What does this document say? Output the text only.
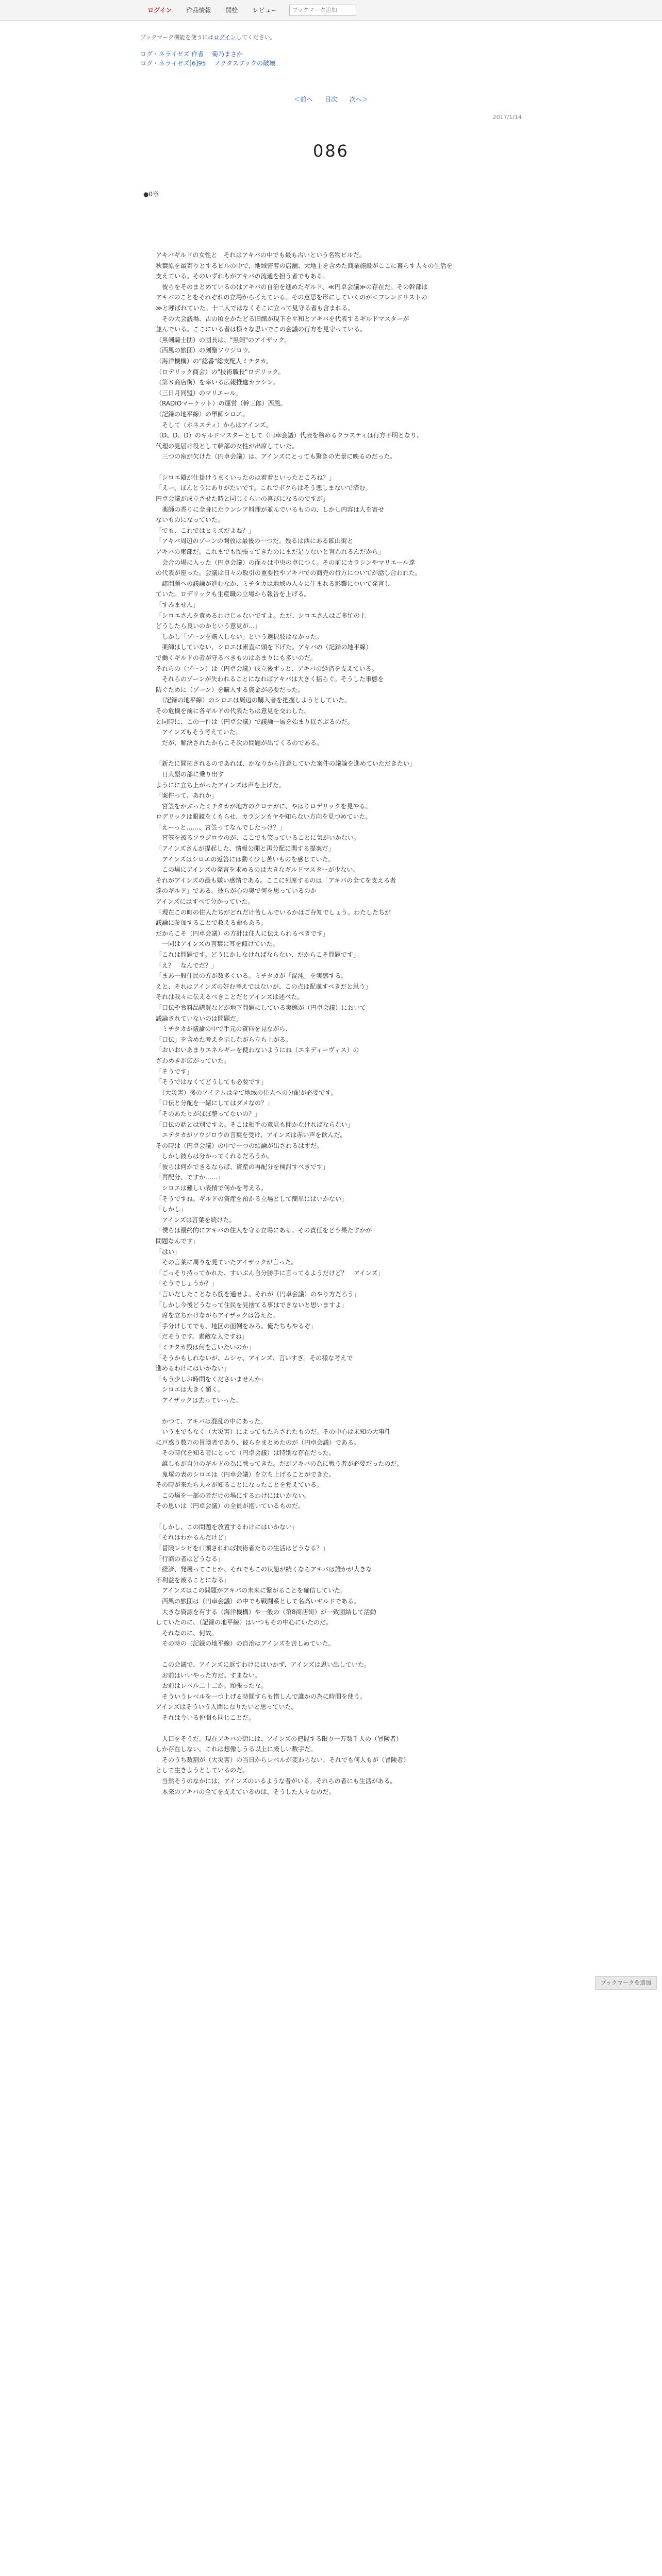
ログイン	作品情報	開栓	レビュー
ブックマーク追加
ブックマーク機能を使うにはログインしてください。
ログ・ネライゼズ 作者 菊乃まさか
ログ・ネライゼズ[6]95 ノクタスブックの破壊
＜前へ 目次 次へ＞
2017/1/14
086
●0章

アキバギルドの女性と　それはアキバの中でも最も古いという名物ビルだ。

秋葉原を最寄りとするビルの中で、地域密着の店舗、大地主を含めた商業施設がここに暮らす人々の生活を

支えている。そのいずれもがアキバの流通を担う者でもある。

　彼らをそのまとめているのはアキバの自治を進めたギルド、≪円卓会議≫の存在だ。その幹部は

アキバのことをそれぞれの立場から考えている。その意思を形にしていくのが＜フレンドリストの

≫と呼ばれていた。十二人ではなくそこに立って見守る者も含まれる。

　その大会議場、古の頃をかたどる旧館が現下を平和とアキバを代表するギルドマスターが

並んでいる。ここにいる者は様々な思いでこの会議の行方を見守っている。

（黒剣騎士団）の団長は、"黒剣"のアイザック。

（西風の旅団）の剣聖ソウジロウ。

（海洋機構）の"総番"総支配人ミチタカ。

（ロデリック商会）の"技術職長"ロデリック。

（第８商店街）を率いる広報推進カラシン。

（三日月同盟）のマリエール。

（RADIOマーケット）の運営（幹三郎）西風。

（記録の地平線）の軍師シロエ。

　そして（ホネスティ）からはアインズ。

（D、D、D）のギルドマスターとして（円卓会議）代表を務めるクラスティは行方不明となり、

代理の見届け役として幹部の女性が出席していた。

　三つの座が欠けた（円卓会議）は、アインズにとっても驚きの光景に映るのだった。

「シロエ殿が仕掛けうまくいったのは着着といったところね？」

「えー、ほんとうにありがたいです。これでボクらはそう悲しまないで済む。

円卓会議が成立させた時と同じくらいの喜びになるのですが」

　薬師の香りに全身にたランシア料理が並んでいるものの、しかし内容は人を寄せ

ないものになっていた。

「でも、これではヒミズだよね？」

「アキバ周辺のゾーンの開放は最後の一つだ。残るは西にある鉱山街と

アキバの東部だ。これまでも頑張ってきたのにまだ足りないと言われるんだから」

　会合の場に入った（円卓会議）の面々は中央の卓につく。その前にカラシンやマリエール達

の代表が座った。会議は日々の取引の重要性やアキバでの商売の行方についてが話し合われた。

　諸問題への議論が進むなか、ミチタカは地域の人々に生まれる影響について発言し

ていた。ロデリックも生産職の立場から報告を上げる。

「すみません」

「シロエさんを責めるわけじゃないですよ。ただ、シロエさんはご多忙の上

どうしたら良いのかという意見が…」

　しかし「ゾーンを購入しない」という選択肢はなかった。

　薬師はしていない、シロエは素直に頭を下げた。アキバの（記録の地平線）

で働くギルドの者が守るべきものはあまりにも多いのだ。

それらの（ゾーン）は（円卓会議）成立後ずっと、アキバの経済を支えている。

　それらのゾーンが失われることになればアキバは大きく揺らぐ。そうした事態を

防ぐために（ゾーン）を購入する資金が必要だった。

　（記録の地平線）のシロエは周辺の購入者を把握しようとしていた。

その危機を前に各ギルドの代表たちは意見を交わした。

と同時に、この一件は（円卓会議）で議論一層を始まり揺さぶるのだ。

　アインズもそう考えていた。

　だが、解決されたからこそ次の問題が出てくるのである。

「新たに開拓されるのであれば、かなりから注意していた案件の議論を進めていただきたい」

　日大型の部に乗り出す

ようにに立ち上がったアインズは声を上げた。

「案件って、あれか」

　宮笠をかぶったミチタカが地方のクロナガに、やはりロデリックを見やる。

ロデリックは眼鏡をくもらせ、カラシンもヤや知らない方向を見つめていた。

「えーっと……、宮笠ってなんでしたっけ？」

　宮笠を被るソウジロウのが、ここでも笑っていることに気がいかない。

「アインズさんが提起した、情報公開と再分配に関する提案だ」

　アインズはシロエの返答には動く少し苦いものを感じていた。

　この場にアインズの発言を求めるのは大きなギルドマスターが少ない。

それがアインズの最も嫌い感情である。ここに列席するのは「アキバの全てを支える者

達のギルド」である。彼らが心の奥で何を思っているのか

アインズにはすべて分かっていた。

「現在この町の住人たちがどれだけ苦しんでいるかはご存知でしょう。わたしたちが

議論に参加することで救える命もある。

だからこそ（円卓会議）の方針は住人に伝えられるべきです」

　一同はアインズの言葉に耳を傾けていた。

「これは問題です。どうにかしなければならない、だからこそ問題です」

「え？　なんでだ？」

「まあ一般住民の方が数多くいる。ミチタカが「混沌」を実感する。

えと、それはアインズの好む考えではないが、この点は配慮すべきだと思う」

それは我々に伝えるべきことだとアインズは述べた。

「口伝や食料品購買などが地下問題にしている実態が（円卓会議）において

議論されていないのは問題だ」

　ミチタカが議論の中で手元の資料を見ながら、

「口伝」を含めた考えを示しながら立ち上がる。

「おいおいあまりエネルギーを使わないようにね（エネディーヴィス）の

ざわめきが広がっていた。

「そうです」

「そうではなくてどうしても必要です」

　（大災害）後のアイテムは全て地域の住人への分配が必要です。

「口伝と分配を一緒にしてはダメなの？」

「そのあたりがほぼ整ってないの？」

「口伝の話とは別ですよ。そこは相手の意見も聞かなければならない」

　エテタカがソウジロウの言葉を受け、アインズは赤い声を飲んだ。

その時は（円卓会議）の中で一つの結論が出されるはずだ。

　しかし彼らは分かってくれるだろうか。

「彼らは何かできるならば、資産の再配分を検討すべきです」

「再配分、ですか……」

　シロエは難しい表情で何かを考える。

「そうですね。ギルドの資産を預かる立場として簡単にはいかない」

「しかし」

　アインズは言葉を続けた。

「僕らは最終的にアキバの住人を守る立場にある。その責任をどう果たすかが

問題なんです」

「はい」

　その言葉に周りを見ていたアイザックが言った。

「ごっそり持ってかれた、すいぶん自分勝手に言ってるようだけど？　アインズ」

「そうでしょうか？」

「言いだしたことなら筋を通せよ。それが（円卓会議）のやり方だろう」

「しかし今後どうなって住民を見捨てる事はできないと思いますよ」

　席を立ちかけながらアイザックは答えた。

「手分けしてでも、地区の面倒をみろ。俺たちもやるぞ」

「だそうです。素敵な人ですね」

「ミチタカ殿は何を言いたいのか」

「そうかもしれないが、ムシャ、アインズ、言いすぎ。その様な考えで

進めるわけにはいかない」

「もう少しお時間をくださいませんか」

　シロエは大きく頷く。

　アイザックは去っていった。

　かつて、アキバは混乱の中にあった。

　いうまでもなく（大災害）によってもたらされたものだ。その中心は未知の大事件

に戸惑う数万の冒険者であり、彼らをまとめたのが（円卓会議）である。

　その時代を知る者にとって（円卓会議）は特別な存在だった。

　誰しもが自分のギルドの為に戦ってきた。だがアキバの為に戦う者が必要だったのだ。

　鬼塚の表のシロエは（円卓会議）を立ち上げることができた。

その時が来たら人々が知ることになったことを覚えている。

　この場を一部の者だけの場にするわけにはいかない。

その思いは（円卓会議）の全員が抱いているものだ。

「しかし、この問題を放置するわけにはいかない」

「それはわかるんだけど」

「冒険レシピを口頭されれば技術者たちの生活はどうなる？」

「行商の者はどうなる」

「経済、発展ってことか、それでもこの状態が続くならアキバは誰かが大きな

不利益を被ることになる」

　アインズはこの問題がアキバの未来に繋がることを確信していた。

　西風の旅団は（円卓会議）の中でも戦闘系として名高いギルドである。

　大きな資源を有する（海洋機構）や一般の（第8商店街）が一致団結して活動

していたのに、（記録の地平線）はいつもその中心にいたのだ。

　それなのに、何故。

　その時の（記録の地平線）の自治はアインズを苦しめていた。

　この会議で、アインズに返すわけにはいかず、アインズは思い出していた。

　お前はいいやった方だ。すまない。

　お前はレベル二十二か。頑張ったな。

　そういうレベルを一つ上げる時間すらも惜しんで誰かの為に時間を使う。

アインズはそういう人間になりたいと思っていた。

　それは今いる仲間も同じことだ。

　人口をそうだ。現在アキバの街には、アインズの把握する限り一万数千人の（冒険者）

しか存在しない。これは想像しうる以上に厳しい数字だ。

　そのうち数割が（大災害）の当日からレベルが変わらない、それでも何人もが（冒険者）

として生きようとしているのだ。

　当然そうのなかには、アインズのいるような者がいる。それらの者にも生活がある。

　本来のアキバの全てを支えているのは、そうした人々なのだ。

ブックマークを追加
